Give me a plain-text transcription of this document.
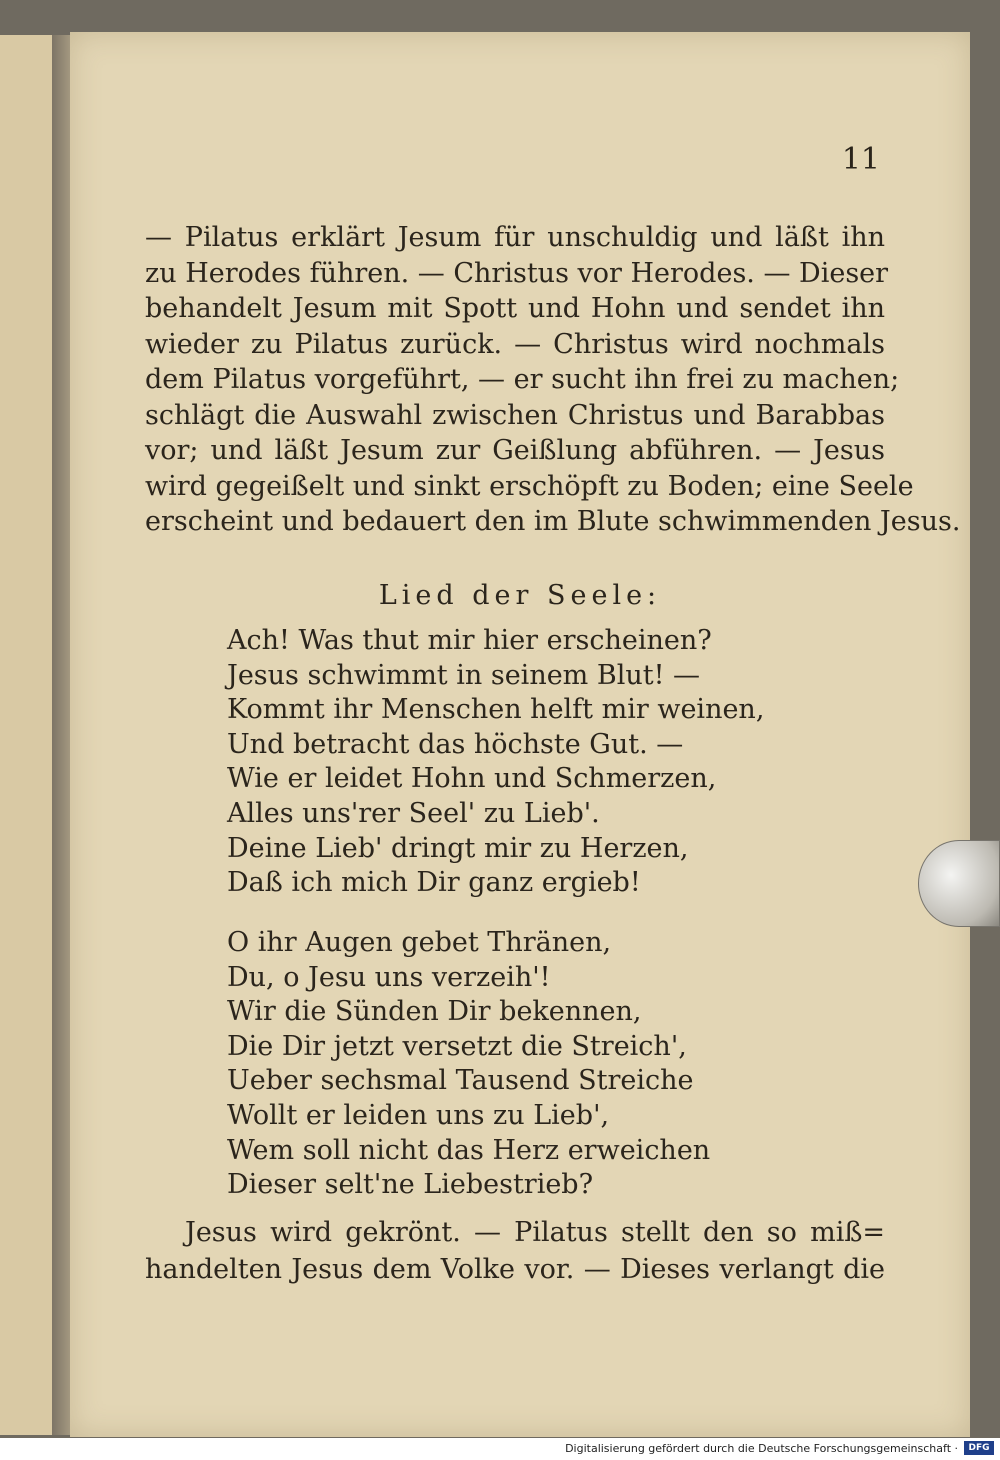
11

— Pilatus erklärt Jesum für unschuldig und läßt ihn
zu Herodes führen. — Christus vor Herodes. — Dieser
behandelt Jesum mit Spott und Hohn und sendet ihn
wieder zu Pilatus zurück. — Christus wird nochmals
dem Pilatus vorgeführt, — er sucht ihn frei zu machen;
schlägt die Auswahl zwischen Christus und Barabbas
vor; und läßt Jesum zur Geißlung abführen. — Jesus
wird gegeißelt und sinkt erschöpft zu Boden; eine Seele
erscheint und bedauert den im Blute schwimmenden Jesus.
Lied der Seele:
Ach! Was thut mir hier erscheinen?
Jesus schwimmt in seinem Blut! —
Kommt ihr Menschen helft mir weinen,
Und betracht das höchste Gut. —
Wie er leidet Hohn und Schmerzen,
Alles uns'rer Seel' zu Lieb'.
Deine Lieb' dringt mir zu Herzen,
Daß ich mich Dir ganz ergieb!
O ihr Augen gebet Thränen,
Du, o Jesu uns verzeih'!
Wir die Sünden Dir bekennen,
Die Dir jetzt versetzt die Streich',
Ueber sechsmal Tausend Streiche
Wollt er leiden uns zu Lieb',
Wem soll nicht das Herz erweichen
Dieser selt'ne Liebestrieb?
Jesus wird gekrönt. — Pilatus stellt den so miß=
handelten Jesus dem Volke vor. — Dieses verlangt die
Digitalisierung gefördert durch die Deutsche Forschungsgemeinschaft ·	DFG
